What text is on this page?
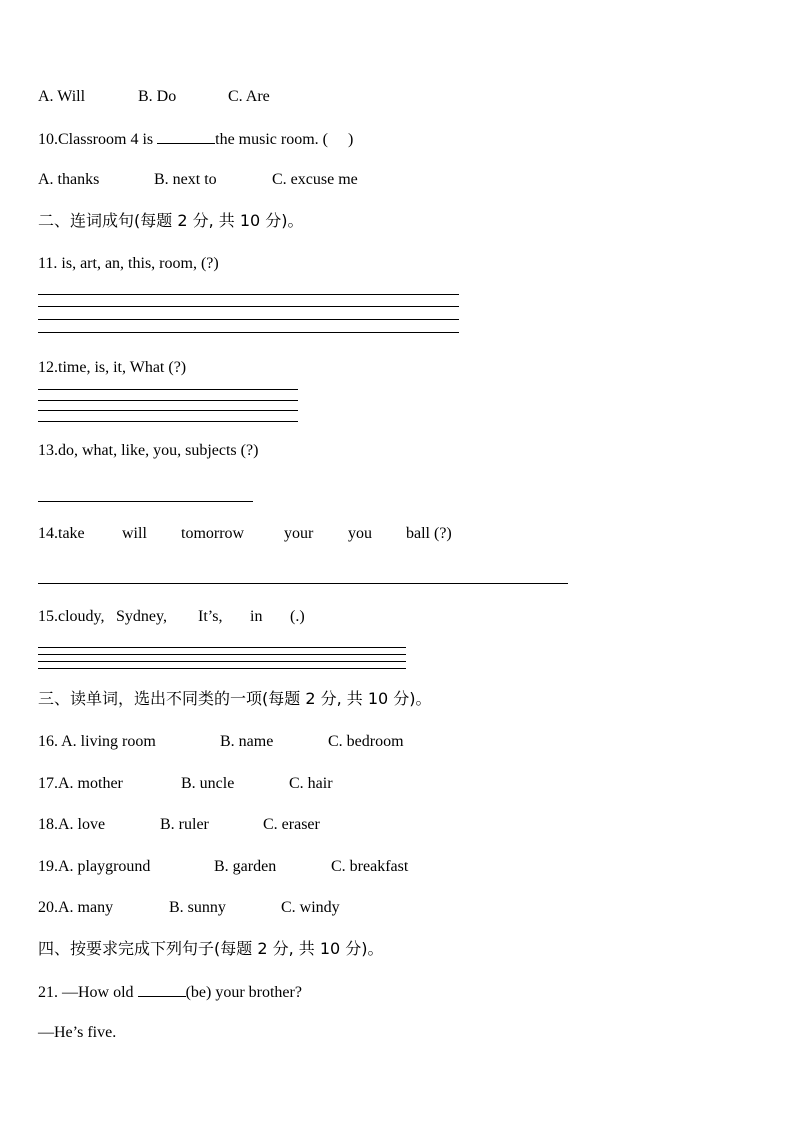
A. Will	B. Do	C. Are
10.Classroom 4 is	the music room. ( )
A. thanks	B. next to	C. excuse me
二、连词成句(每题 2 分, 共 10 分)。
11. is, art, an, this, room, (?)
12.time, is, it, What (?)
13.do, what, like, you, subjects (?)
14.take will tomorrow your you ball (?)
15.cloudy, Sydney, It’s, in (.)
三、读单词，选出不同类的一项(每题 2 分, 共 10 分)。
16. A. living room	B. name	C. bedroom
17.A. mother	B. uncle	C. hair
18.A. love	B. ruler	C. eraser
19.A. playground	B. garden	C. breakfast
20.A. many	B. sunny	C. windy
四、按要求完成下列句子(每题 2 分, 共 10 分)。
21. —How old	(be) your brother?
—He’s five.
